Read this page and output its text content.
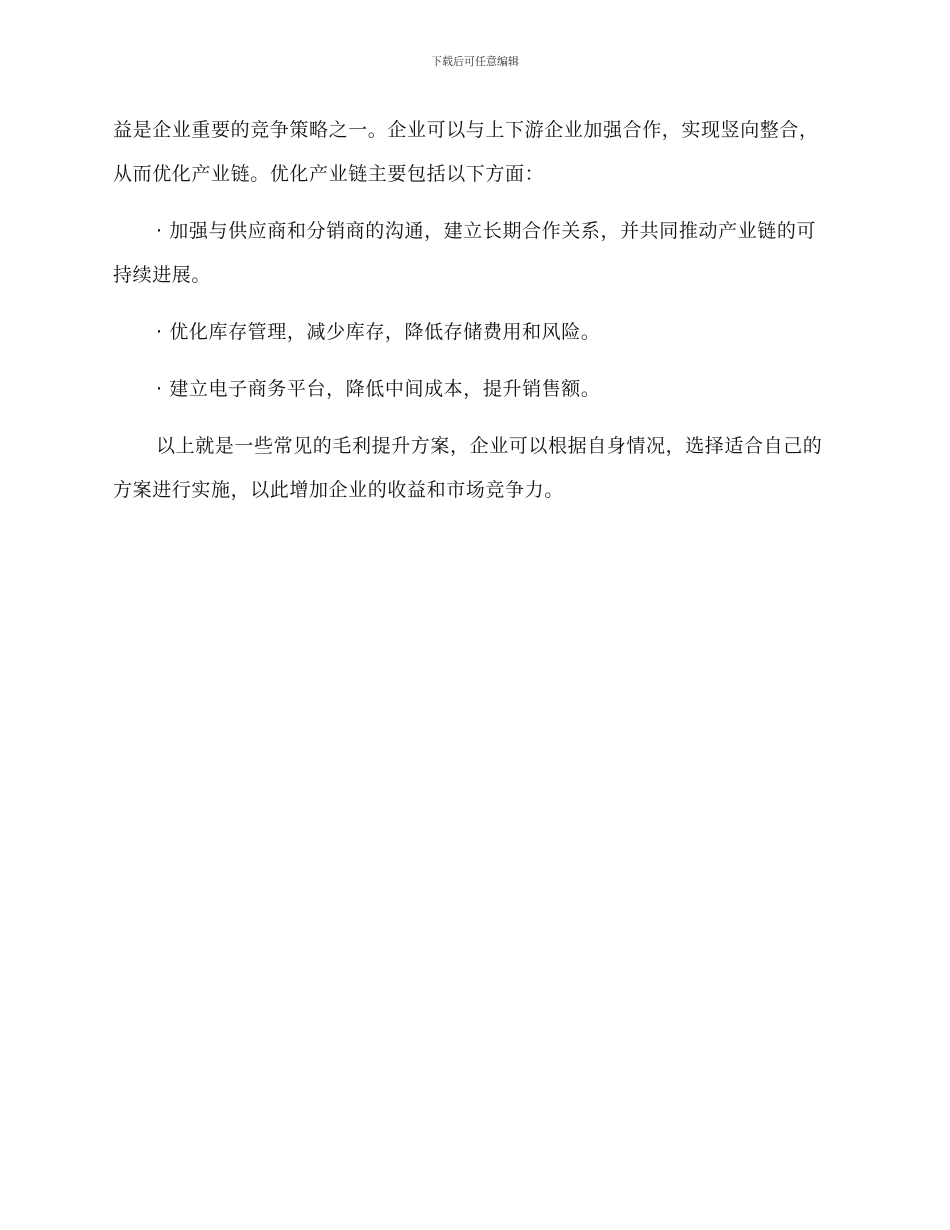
下载后可任意编辑

益是企业重要的竞争策略之一。企业可以与上下游企业加强合作，实现竖向整合，从而优化产业链。优化产业链主要包括以下方面：

· 加强与供应商和分销商的沟通，建立长期合作关系，并共同推动产业链的可持续进展。

· 优化库存管理，减少库存，降低存储费用和风险。

· 建立电子商务平台，降低中间成本，提升销售额。

以上就是一些常见的毛利提升方案，企业可以根据自身情况，选择适合自己的方案进行实施，以此增加企业的收益和市场竞争力。
